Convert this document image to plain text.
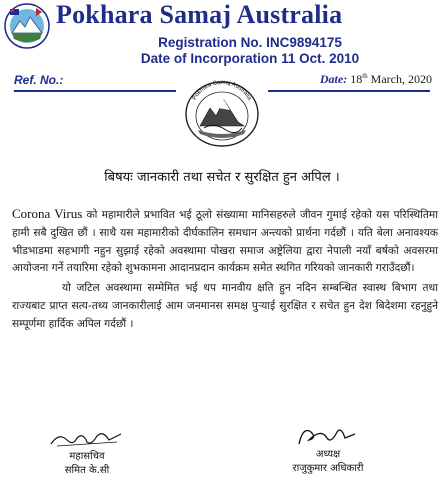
Pokhara Samaj Australia
Registration No. INC9894175
Date of Incorporation 11 Oct. 2010
Ref. No.:	Date: 18th March, 2020
Pokhara Samaj Australia
बिषयः जानकारी तथा सचेत र सुरक्षित हुन अपिल ।

Corona Virus को महामारीले प्रभावित भई ठूलो संख्यामा मानिसहरुले जीवन गुमाई रहेको यस परिस्थितिमा हामी सबै दुखित छौं । साथै यस महामारीको दीर्घकालिन समधान अन्त्यको प्रार्थना गर्दछौं । यति बेला अनावश्यक भीडभाडमा सहभागी नहुन सुझाई रहेको अवस्थामा पोखरा समाज अष्ट्रेलिया द्वारा नेपाली नयाँ बर्षको अवसरमा आयोजना गर्ने तयारिमा रहेको शुभकामना आदानप्रदान कार्यक्रम समेत स्थगित गरियको जानकारी गराउँदछौं।

यो जटिल अवस्थामा सम्मेमित भई थप मानवीय क्षति हुन नदिन सम्बन्धित स्वास्थ बिभाग तथा राज्यबाट प्राप्त सत्य-तथ्य जानकारीलाई आम जनमानस समक्ष पुऱ्याई सुरक्षित र सचेत हुन देश बिदेशमा रहनुहुने सम्पूर्णमा हार्दिक अपिल गर्दछौं ।

महासचिव
समित के.सी
अध्यक्ष
राजुकुमार अधिकारी
